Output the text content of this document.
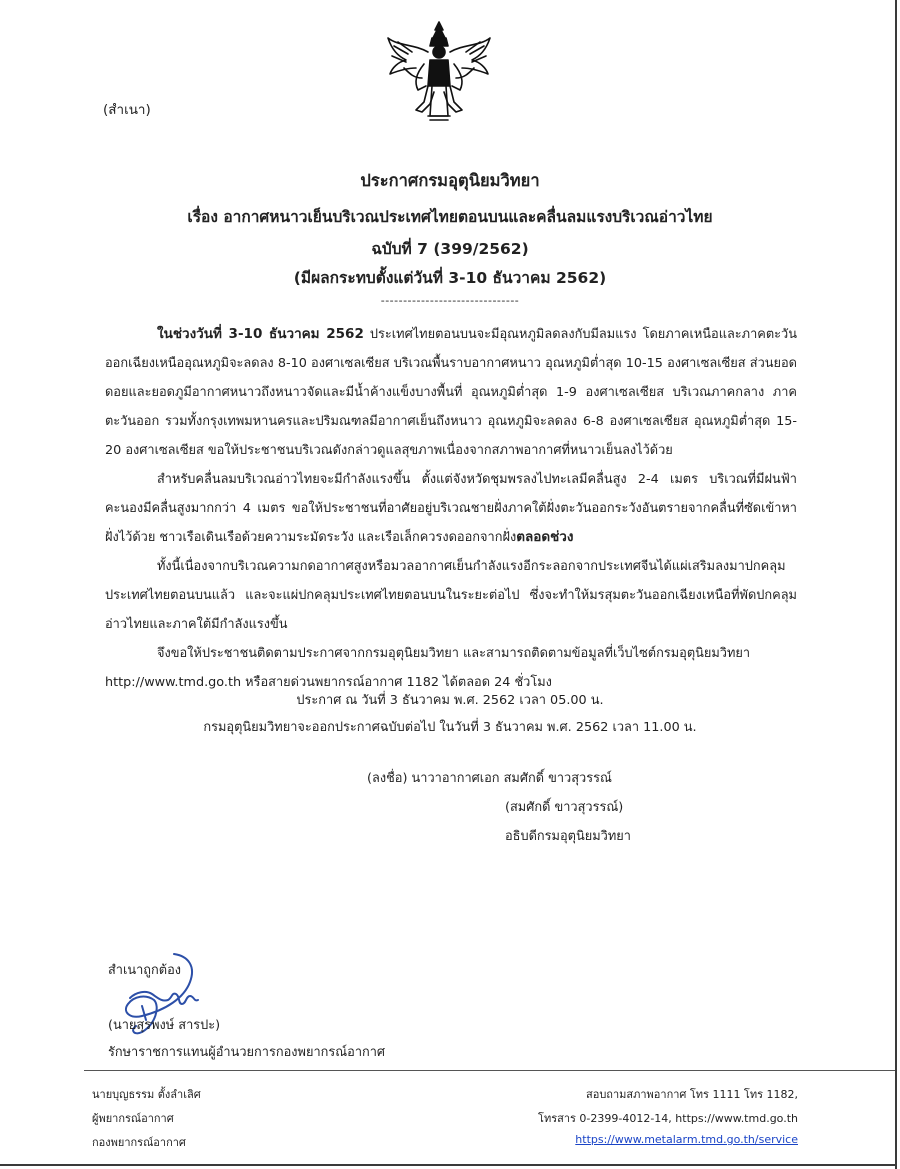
(สำเนา)
ประกาศกรมอุตุนิยมวิทยา
เรื่อง อากาศหนาวเย็นบริเวณประเทศไทยตอนบนและคลื่นลมแรงบริเวณอ่าวไทย
ฉบับที่ 7 (399/2562)
(มีผลกระทบตั้งแต่วันที่ 3-10 ธันวาคม 2562)
-------------------------------

ในช่วงวันที่ 3-10 ธันวาคม 2562 ประเทศไทยตอนบนจะมีอุณหภูมิลดลงกับมีลมแรง โดยภาคเหนือและภาคตะวันออกเฉียงเหนืออุณหภูมิจะลดลง 8-10 องศาเซลเซียส บริเวณพื้นราบอากาศหนาว อุณหภูมิต่ำสุด 10-15 องศาเซลเซียส ส่วนยอดดอยและยอดภูมีอากาศหนาวถึงหนาวจัดและมีน้ำค้างแข็งบางพื้นที่ อุณหภูมิต่ำสุด 1-9 องศาเซลเซียส บริเวณภาคกลาง ภาคตะวันออก รวมทั้งกรุงเทพมหานครและปริมณฑลมีอากาศเย็นถึงหนาว อุณหภูมิจะลดลง 6-8 องศาเซลเซียส อุณหภูมิต่ำสุด 15-20 องศาเซลเซียส ขอให้ประชาชนบริเวณดังกล่าวดูแลสุขภาพเนื่องจากสภาพอากาศที่หนาวเย็นลงไว้ด้วย

สำหรับคลื่นลมบริเวณอ่าวไทยจะมีกำลังแรงขึ้น ตั้งแต่จังหวัดชุมพรลงไปทะเลมีคลื่นสูง 2-4 เมตร บริเวณที่มีฝนฟ้าคะนองมีคลื่นสูงมากกว่า 4 เมตร ขอให้ประชาชนที่อาศัยอยู่บริเวณชายฝั่งภาคใต้ฝั่งตะวันออกระวังอันตรายจากคลื่นที่ซัดเข้าหาฝั่งไว้ด้วย ชาวเรือเดินเรือด้วยความระมัดระวัง และเรือเล็กควรงดออกจากฝั่งตลอดช่วง

ทั้งนี้เนื่องจากบริเวณความกดอากาศสูงหรือมวลอากาศเย็นกำลังแรงอีกระลอกจากประเทศจีนได้แผ่เสริมลงมาปกคลุมประเทศไทยตอนบนแล้ว และจะแผ่ปกคลุมประเทศไทยตอนบนในระยะต่อไป ซึ่งจะทำให้มรสุมตะวันออกเฉียงเหนือที่พัดปกคลุมอ่าวไทยและภาคใต้มีกำลังแรงขึ้น

จึงขอให้ประชาชนติดตามประกาศจากกรมอุตุนิยมวิทยา และสามารถติดตามข้อมูลที่เว็บไซต์กรมอุตุนิยมวิทยา

http://www.tmd.go.th หรือสายด่วนพยากรณ์อากาศ 1182 ได้ตลอด 24 ชั่วโมง
ประกาศ ณ วันที่ 3 ธันวาคม พ.ศ. 2562 เวลา 05.00 น.
กรมอุตุนิยมวิทยาจะออกประกาศฉบับต่อไป ในวันที่ 3 ธันวาคม พ.ศ. 2562 เวลา 11.00 น.
(ลงชื่อ) นาวาอากาศเอก สมศักดิ์ ขาวสุวรรณ์
(สมศักดิ์ ขาวสุวรรณ์)
อธิบดีกรมอุตุนิยมวิทยา
สำเนาถูกต้อง
(นายสุรพงษ์ สารปะ)
รักษาราชการแทนผู้อำนวยการกองพยากรณ์อากาศ
นายบุญธรรม ตั้งลำเลิศ
ผู้พยากรณ์อากาศ
กองพยากรณ์อากาศ
สอบถามสภาพอากาศ โทร 1111 โทร 1182,
โทรสาร 0-2399-4012-14, https://www.tmd.go.th
https://www.metalarm.tmd.go.th/service
